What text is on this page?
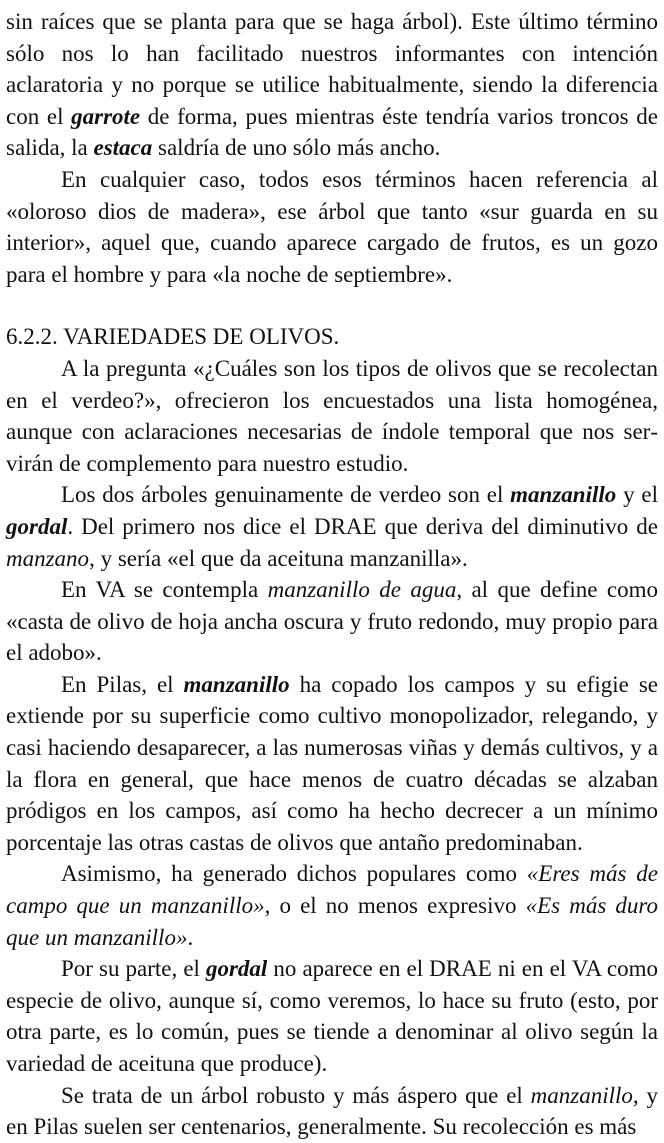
sin raíces que se planta para que se haga árbol). Este último término sólo nos lo han facilitado nuestros informantes con intención aclaratoria y no porque se utilice habitualmente, siendo la diferencia con el garrote de forma, pues mientras éste tendría varios troncos de salida, la estaca saldría de uno sólo más ancho.

En cualquier caso, todos esos términos hacen referencia al «oloroso dios de madera», ese árbol que tanto «sur guarda en su interior», aquel que, cuando aparece cargado de frutos, es un gozo para el hombre y para «la noche de septiembre».

6.2.2. VARIEDADES DE OLIVOS.

A la pregunta «¿Cuáles son los tipos de olivos que se recolectan en el verdeo?», ofrecieron los encuestados una lista homogénea, aunque con aclaraciones necesarias de índole temporal que nos servirán de complemento para nuestro estudio.

Los dos árboles genuinamente de verdeo son el manzanillo y el gordal. Del primero nos dice el DRAE que deriva del diminutivo de manzano, y sería «el que da aceituna manzanilla».

En VA se contempla manzanillo de agua, al que define como «casta de olivo de hoja ancha oscura y fruto redondo, muy propio para el adobo».

En Pilas, el manzanillo ha copado los campos y su efigie se extiende por su superficie como cultivo monopolizador, relegando, y casi haciendo desaparecer, a las numerosas viñas y demás cultivos, y a la flora en general, que hace menos de cuatro décadas se alzaban pródigos en los campos, así como ha hecho decrecer a un mínimo porcentaje las otras castas de olivos que antaño predominaban.

Asimismo, ha generado dichos populares como «Eres más de campo que un manzanillo», o el no menos expresivo «Es más duro que un manzanillo».

Por su parte, el gordal no aparece en el DRAE ni en el VA como especie de olivo, aunque sí, como veremos, lo hace su fruto (esto, por otra parte, es lo común, pues se tiende a denominar al olivo según la variedad de aceituna que produce).

Se trata de un árbol robusto y más áspero que el manzanillo, y en Pilas suelen ser centenarios, generalmente. Su recolección es más
